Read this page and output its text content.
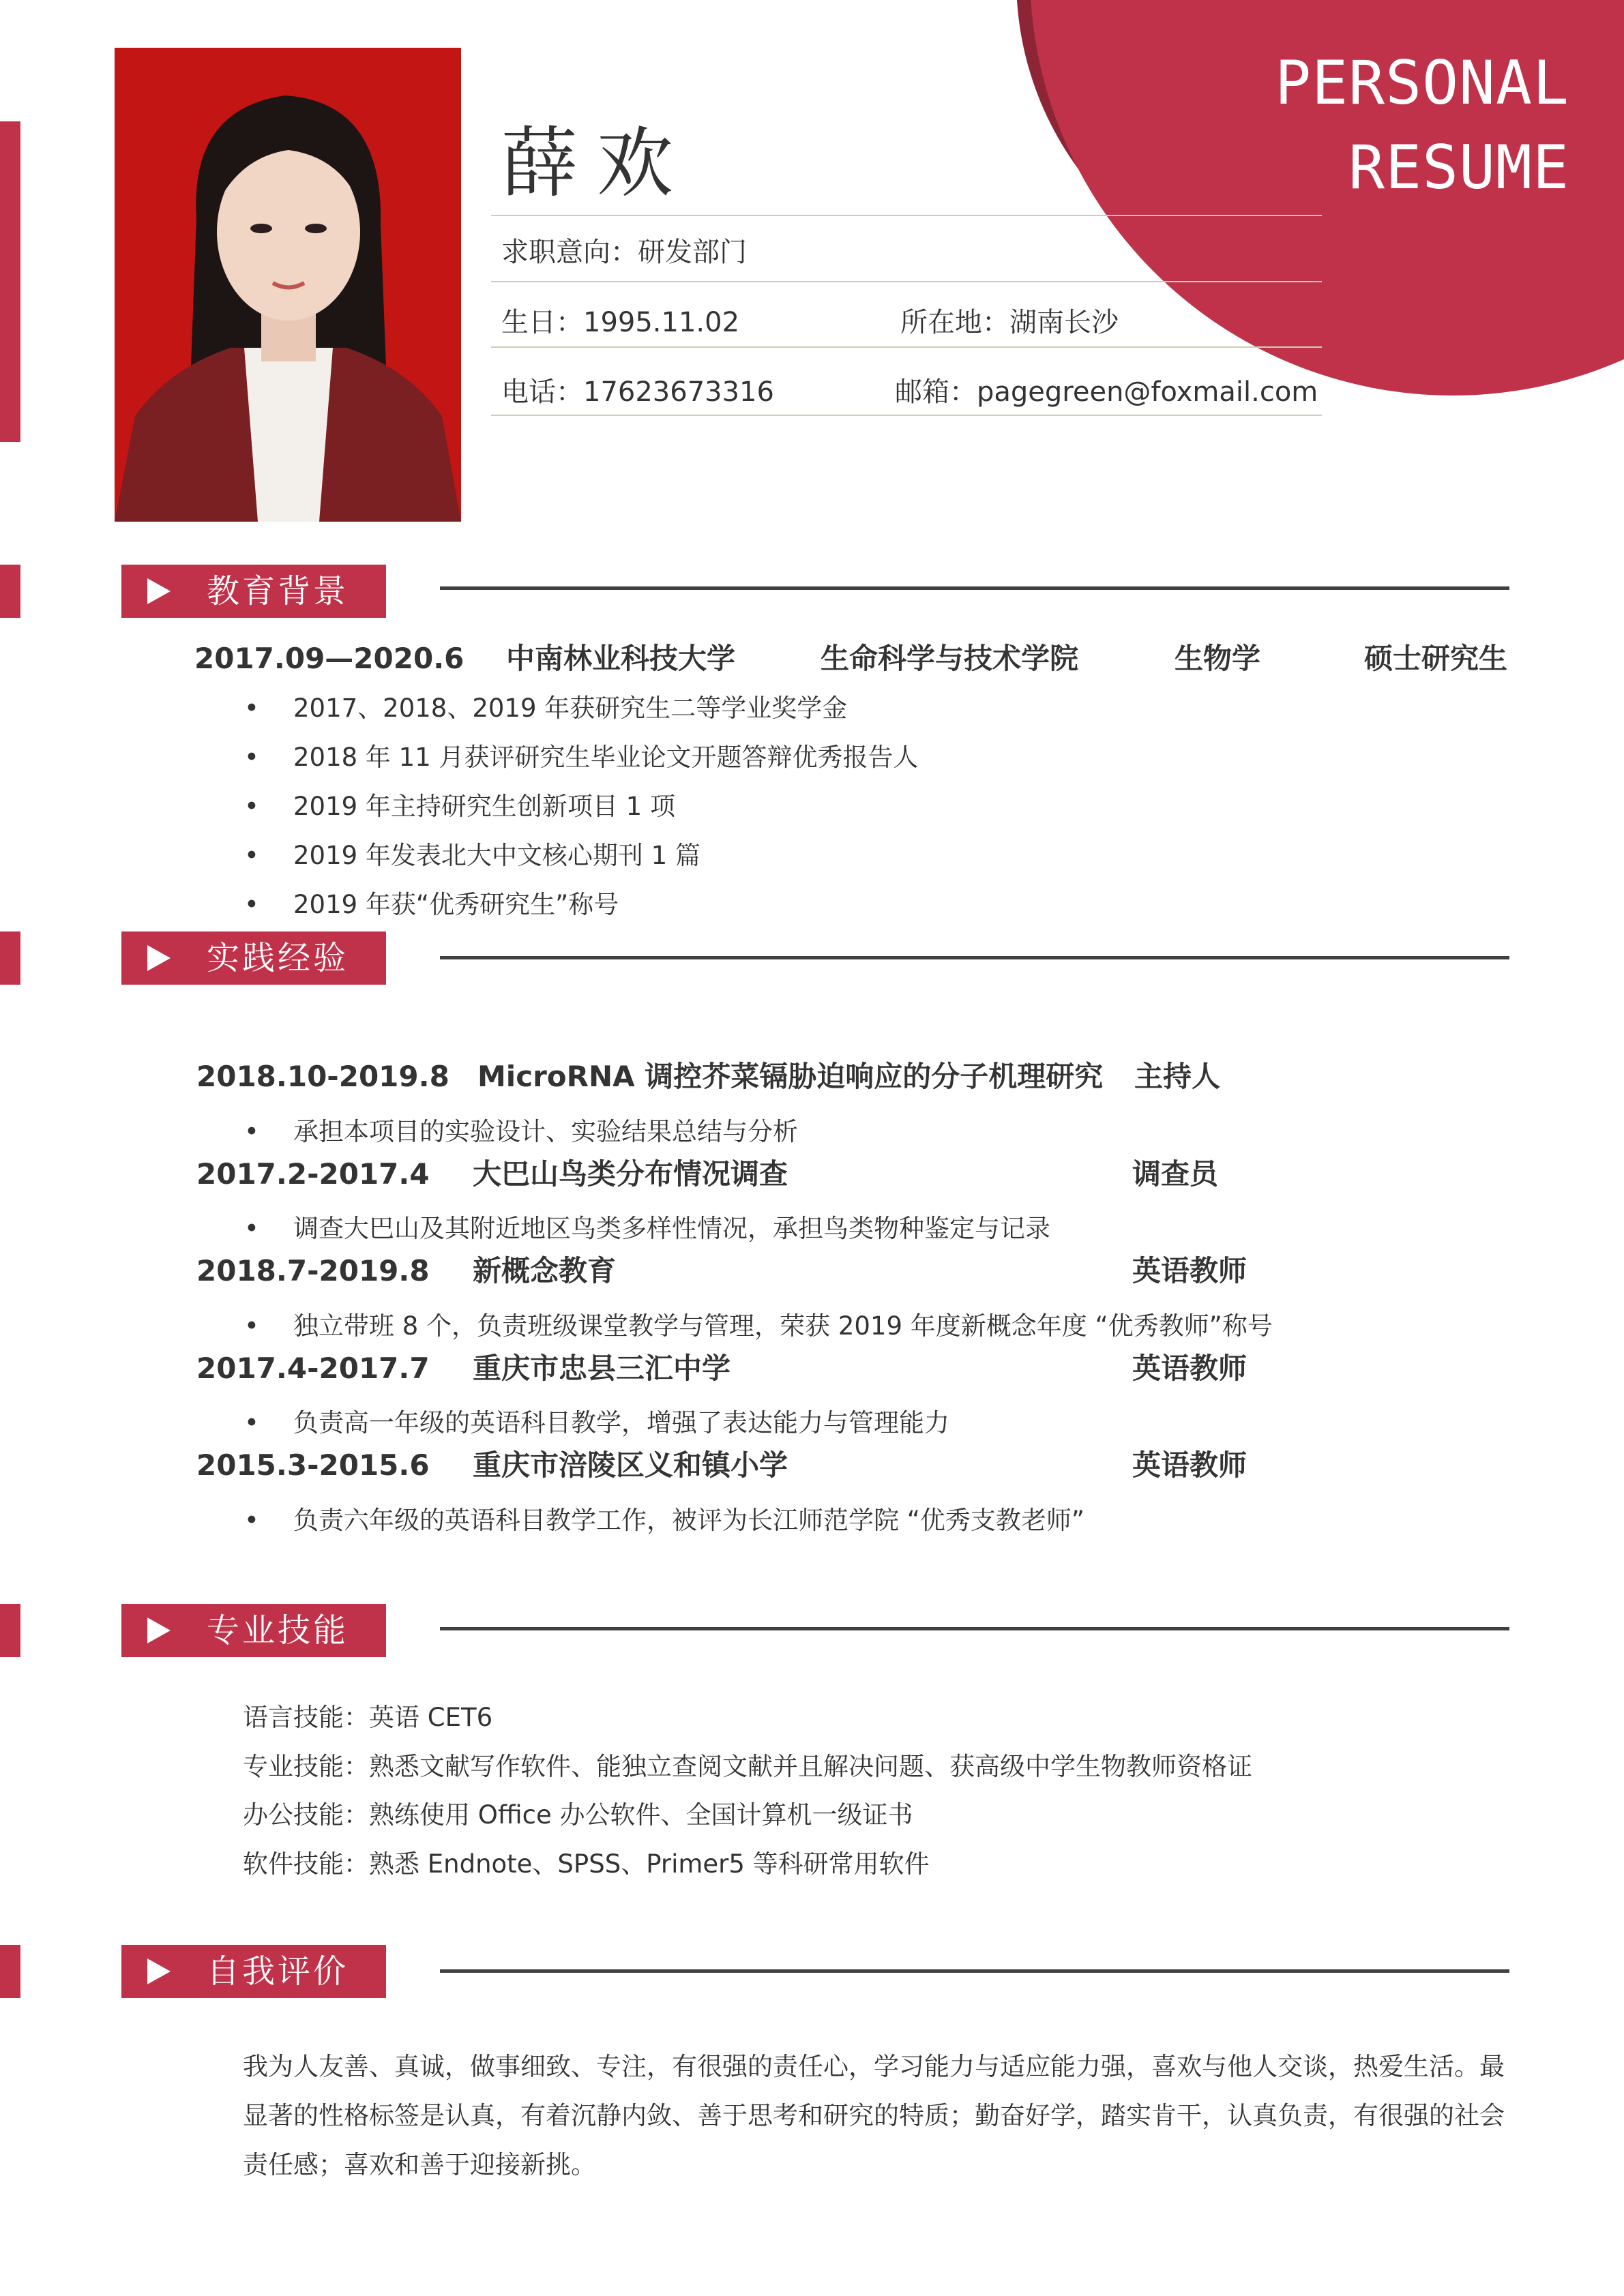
PERSONAL
RESUME
薛欢
求职意向：研发部门
生日：1995.11.02	所在地：湖南长沙
电话：17623673316	邮箱：pagegreen@foxmail.com
教育背景
2017.09—2020.6 中南林业科技大学	生命科学与技术学院	生物学	硕士研究生
• 2017、2018、2019 年获研究生二等学业奖学金
• 2018 年 11 月获评研究生毕业论文开题答辩优秀报告人
• 2019 年主持研究生创新项目 1 项
• 2019 年发表北大中文核心期刊 1 篇
• 2019 年获“优秀研究生”称号
实践经验
2018.10-2019.8 MicroRNA 调控芥菜镉胁迫响应的分子机理研究 主持人
• 承担本项目的实验设计、实验结果总结与分析
2017.2-2017.4 大巴山鸟类分布情况调查	调查员
• 调查大巴山及其附近地区鸟类多样性情况，承担鸟类物种鉴定与记录
2018.7-2019.8 新概念教育	英语教师
• 独立带班 8 个，负责班级课堂教学与管理，荣获 2019 年度新概念年度 “优秀教师”称号
2017.4-2017.7 重庆市忠县三汇中学	英语教师
• 负责高一年级的英语科目教学，增强了表达能力与管理能力
2015.3-2015.6 重庆市涪陵区义和镇小学	英语教师
• 负责六年级的英语科目教学工作，被评为长江师范学院 “优秀支教老师”
专业技能
语言技能：英语 CET6
专业技能：熟悉文献写作软件、能独立查阅文献并且解决问题、获高级中学生物教师资格证
办公技能：熟练使用 Office 办公软件、全国计算机一级证书
软件技能：熟悉 Endnote、SPSS、Primer5 等科研常用软件
自我评价
我为人友善、真诚，做事细致、专注，有很强的责任心，学习能力与适应能力强，喜欢与他人交谈，热爱生活。最显著的性格标签是认真，有着沉静内敛、善于思考和研究的特质；勤奋好学，踏实肯干，认真负责，有很强的社会责任感；喜欢和善于迎接新挑。
